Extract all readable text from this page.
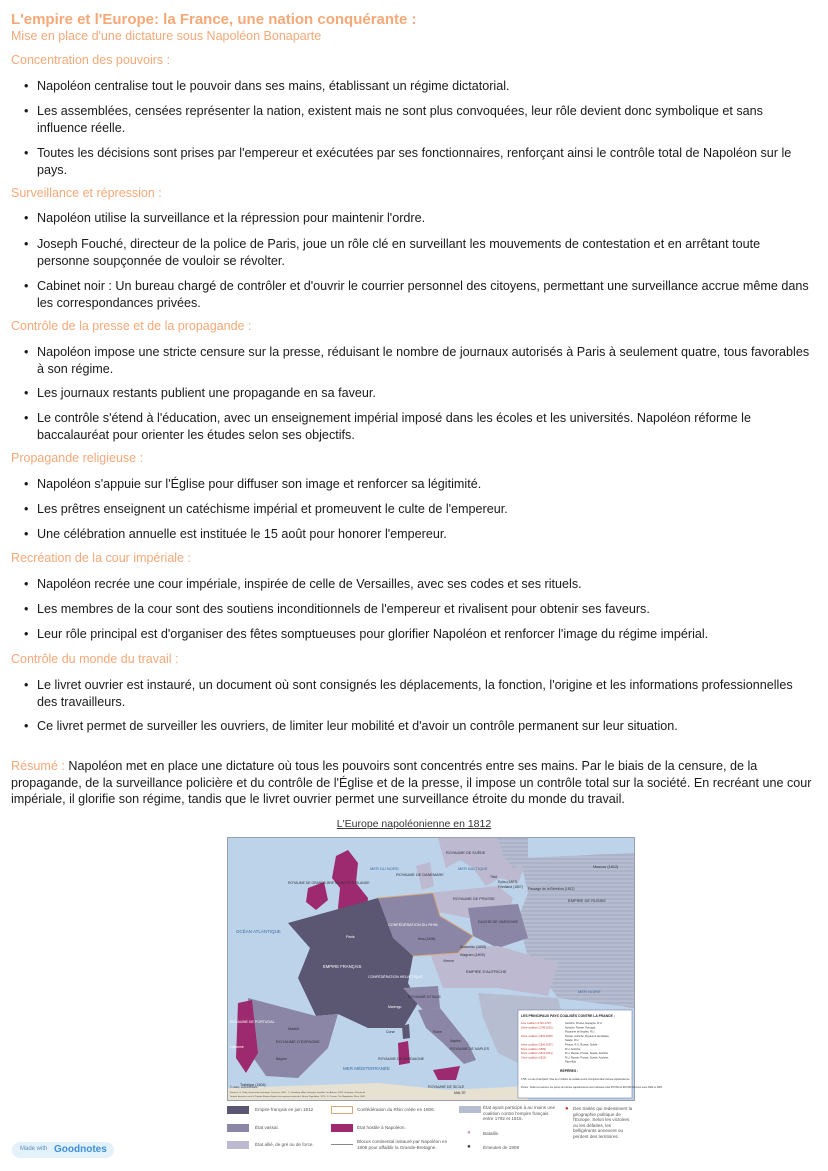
L'empire et l'Europe: la France, une nation conquérante :
Mise en place d'une dictature sous Napoléon Bonaparte
Concentration des pouvoirs :
• Napoléon centralise tout le pouvoir dans ses mains, établissant un régime dictatorial.
• Les assemblées, censées représenter la nation, existent mais ne sont plus convoquées, leur rôle devient donc symbolique et sans influence réelle.
• Toutes les décisions sont prises par l'empereur et exécutées par ses fonctionnaires, renforçant ainsi le contrôle total de Napoléon sur le pays.
Surveillance et répression :
• Napoléon utilise la surveillance et la répression pour maintenir l'ordre.
• Joseph Fouché, directeur de la police de Paris, joue un rôle clé en surveillant les mouvements de contestation et en arrêtant toute personne soupçonnée de vouloir se révolter.
• Cabinet noir : Un bureau chargé de contrôler et d'ouvrir le courrier personnel des citoyens, permettant une surveillance accrue même dans les correspondances privées.
Contrôle de la presse et de la propagande :
• Napoléon impose une stricte censure sur la presse, réduisant le nombre de journaux autorisés à Paris à seulement quatre, tous favorables à son régime.
• Les journaux restants publient une propagande en sa faveur.
• Le contrôle s'étend à l'éducation, avec un enseignement impérial imposé dans les écoles et les universités. Napoléon réforme le baccalauréat pour orienter les études selon ses objectifs.
Propagande religieuse :
• Napoléon s'appuie sur l'Église pour diffuser son image et renforcer sa légitimité.
• Les prêtres enseignent un catéchisme impérial et promeuvent le culte de l'empereur.
• Une célébration annuelle est instituée le 15 août pour honorer l'empereur.
Recréation de la cour impériale :
• Napoléon recrée une cour impériale, inspirée de celle de Versailles, avec ses codes et ses rituels.
• Les membres de la cour sont des soutiens inconditionnels de l'empereur et rivalisent pour obtenir ses faveurs.
• Leur rôle principal est d'organiser des fêtes somptueuses pour glorifier Napoléon et renforcer l'image du régime impérial.
Contrôle du monde du travail :
• Le livret ouvrier est instauré, un document où sont consignés les déplacements, la fonction, l'origine et les informations professionnelles des travailleurs.
• Ce livret permet de surveiller les ouvriers, de limiter leur mobilité et d'avoir un contrôle permanent sur leur situation.
Résumé : Napoléon met en place une dictature où tous les pouvoirs sont concentrés entre ses mains. Par le biais de la censure, de la propagande, de la surveillance policière et du contrôle de l'Église et de la presse, il impose un contrôle total sur la société. En recréant une cour impériale, il glorifie son régime, tandis que le livret ouvrier permet une surveillance étroite du monde du travail.
L'Europe napoléonienne en 1812
OCÉAN ATLANTIQUE
MER DU NORD	MER BALTIQUE
MER MÉDITERRANÉE
MER NOIRE
ROYAUME DE SUÈDE
ROYAUME DE DANEMARK
ROYAUME DE PRUSSE	EMPIRE DE RUSSIE
DUCHÉ DE VARSOVIE
CONFÉDÉRATION DU RHIN
EMPIRE FRANÇAIS
EMPIRE D'AUTRICHE
ROYAUME D'ESPAGNE
ROYAUME DE PORTUGAL
ROYAUME D'ITALIE
CONFÉDÉRATION HELVÉTIQUE
ROYAUME DE NAPLES
ROYAUME DE SARDAIGNE
ROYAUME DE SICILE
ROYAUME DE GRANDE-BRETAGNE ET D'IRLANDE
Paris
Moscou (1812)
Austerlitz (1805)
Wagram (1809)
Vienne
Eylau (1807)
Friedland (1807)
Tilsit
Passage de la Bérézina (1812)
Madrid
Baylen
Trafalgar (1805)
MALTE
Lisbonne
Iéna (1806)
Marengo
Rome
Naples
Corse
LES PRINCIPAUX PAYS COALISÉS CONTRE LA FRANCE :
1ère coalition (1792-1797)	Autriche, Prusse, Espagne, R.U.
2ème coalition (1798-1802)	Autriche, Russie, Portugal,
Royaume de Naples, R.U.
3ème coalition (1804-1805)	Russie, Autriche, Royaume de Naples,
Suède, R.U.
4ème coalition (1806-1807)	Prusse, R.U. Russie, Suède
5ème coalition (1809)	R.U. Autriche
6ème coalition (1812-1814)	R.U. Russie, Prusse, Suède, Autriche
7ème coalition (1815)	R.U. Russie, Prusse, Suède, Autriche,
Pays-Bas
REPÈRES :
1798 : Loi de conscription. Plus de 2 millions de soldats seront incorporés dans l'armée napoléonienne.
Pertes : Selon les sources, les pertes de l'armée napoléonienne sont estimées entre 670 000 et 915 000 hommes entre 1802 et 1815.
© Hatier, Lelivrescolaire
Sources: G. Duby, Grand atlas historique, Larousse, 2001 ; C. Grataloup, Atlas historique mondial, Les Arènes, 2019 ; Hourquin, Pensée de
l'armée française sous le Premier Empire d'après les registres matricules, Revue Population, 1970 ; D. Cesaro, The Napoleonic Wars, 2001
Empire français en juin 1812
État vassal.
État allié, de gré ou de force.
Confédération du Rhin créée en 1806.
État hostile à Napoléon.
Blocus continental instauré par Napoléon en 1806 pour affaiblir la Grande-Bretagne.
État ayant participé à au moins une coalition contre l'empire français entre 1792 et 1815.
✕	Bataille.
✹	Émeutes de 1808
● Des traités qui redessinent la géographie politique de l'Europe. Selon les victoires ou les défaites, les belligérants annexent ou perdent des territoires.
Made with Goodnotes
